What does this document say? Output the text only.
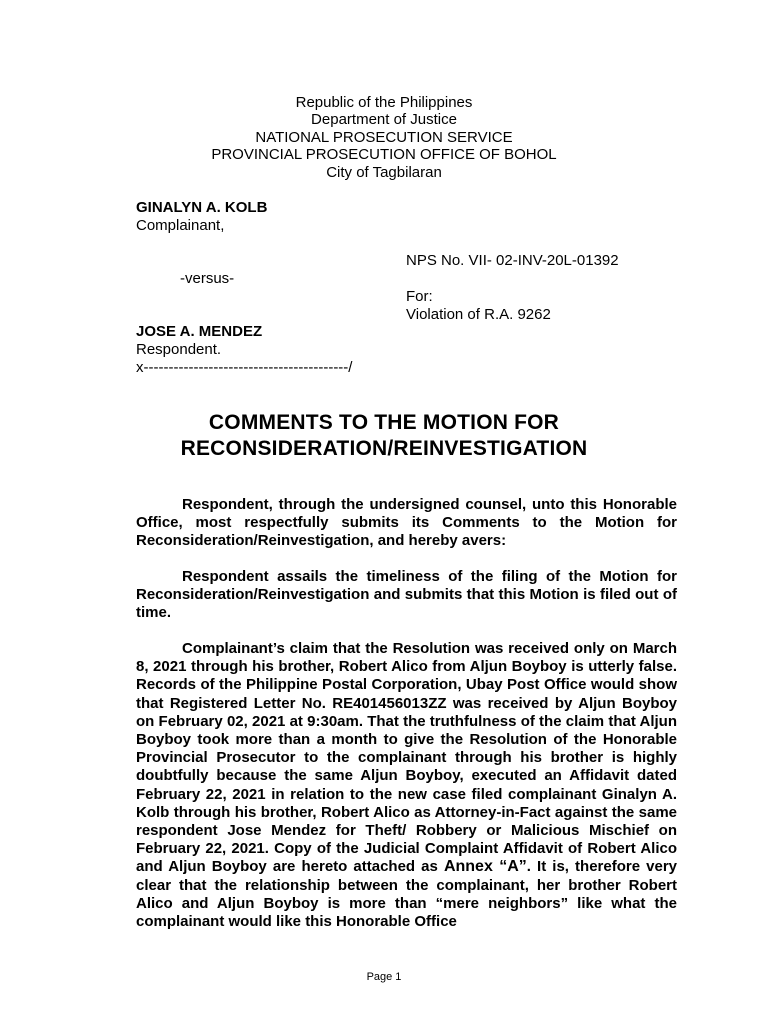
Republic of the Philippines
Department of Justice
NATIONAL PROSECUTION SERVICE
PROVINCIAL PROSECUTION OFFICE OF BOHOL
City of Tagbilaran
GINALYN A. KOLB
Complainant,
NPS No. VII- 02-INV-20L-01392
-versus-
For:
Violation of R.A. 9262
JOSE A. MENDEZ
Respondent.
x-----------------------------------------/
COMMENTS TO THE MOTION FOR
RECONSIDERATION/REINVESTIGATION
Respondent, through the undersigned counsel, unto this Honorable Office, most respectfully submits its Comments to the Motion for Reconsideration/Reinvestigation, and hereby avers:
Respondent assails the timeliness of the filing of the Motion for Reconsideration/Reinvestigation and submits that this Motion is filed out of time.
Complainant’s claim that the Resolution was received only on March 8, 2021 through his brother, Robert Alico from Aljun Boyboy is utterly false. Records of the Philippine Postal Corporation, Ubay Post Office would show that Registered Letter No. RE401456013ZZ was received by Aljun Boyboy on February 02, 2021 at 9:30am. That the truthfulness of the claim that Aljun Boyboy took more than a month to give the Resolution of the Honorable Provincial Prosecutor to the complainant through his brother is highly doubtfully because the same Aljun Boyboy, executed an Affidavit dated February 22, 2021 in relation to the new case filed complainant Ginalyn A. Kolb through his brother, Robert Alico as Attorney-in-Fact against the same respondent Jose Mendez for Theft/ Robbery or Malicious Mischief on February 22, 2021. Copy of the Judicial Complaint Affidavit of Robert Alico and Aljun Boyboy are hereto attached as Annex “A”. It is, therefore very clear that the relationship between the complainant, her brother Robert Alico and Aljun Boyboy is more than “mere neighbors” like what the complainant would like this Honorable Office
Page 1
